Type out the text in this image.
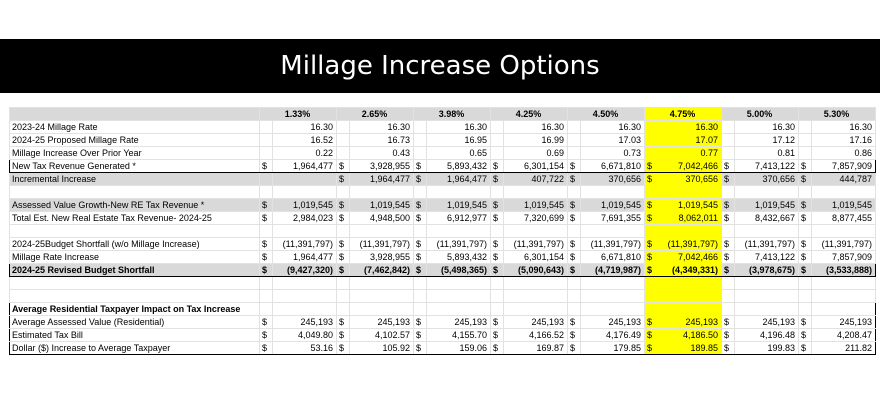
Millage Increase Options
	1.33%		2.65%		3.98%		4.25%		4.50%		4.75%		5.00%		5.30%	
2023-24 Millage Rate		16.30		16.30		16.30		16.30		16.30		16.30		16.30		16.30
2024-25 Proposed Millage Rate		16.52		16.73		16.95		16.99		17.03		17.07		17.12		17.16
Millage Increase Over Prior Year		0.22		0.43		0.65		0.69		0.73		0.77		0.81		0.86
New Tax Revenue Generated *	$	1,964,477	$	3,928,955	$	5,893,432	$	6,301,154	$	6,671,810	$	7,042,466	$	7,413,122	$	7,857,909
Incremental Increase			$	1,964,477	$	1,964,477	$	407,722	$	370,656	$	370,656	$	370,656	$	444,787

Assessed Value Growth-New RE Tax Revenue *	$	1,019,545	$	1,019,545	$	1,019,545	$	1,019,545	$	1,019,545	$	1,019,545	$	1,019,545	$	1,019,545
Total Est. New Real Estate Tax Revenue- 2024-25	$	2,984,023	$	4,948,500	$	6,912,977	$	7,320,699	$	7,691,355	$	8,062,011	$	8,432,667	$	8,877,455

2024-25Budget Shortfall (w/o Millage Increase)	$	(11,391,797)	$	(11,391,797)	$	(11,391,797)	$	(11,391,797)	$	(11,391,797)	$	(11,391,797)	$	(11,391,797)	$	(11,391,797)
Millage Rate Increase	$	1,964,477	$	3,928,955	$	5,893,432	$	6,301,154	$	6,671,810	$	7,042,466	$	7,413,122	$	7,857,909
2024-25 Revised Budget Shortfall	$	(9,427,320)	$	(7,462,842)	$	(5,498,365)	$	(5,090,643)	$	(4,719,987)	$	(4,349,331)	$	(3,978,675)	$	(3,533,888)

Average Residential Taxpayer Impact on Tax Increase																
Average Assessed Value (Residential)	$	245,193	$	245,193	$	245,193	$	245,193	$	245,193	$	245,193	$	245,193	$	245,193
Estimated Tax Bill	$	4,049.80	$	4,102.57	$	4,155.70	$	4,166.52	$	4,176.49	$	4,186.50	$	4,196.48	$	4,208.47
Dollar ($) Increase to Average Taxpayer	$	53.16	$	105.92	$	159.06	$	169.87	$	179.85	$	189.85	$	199.83	$	211.82
